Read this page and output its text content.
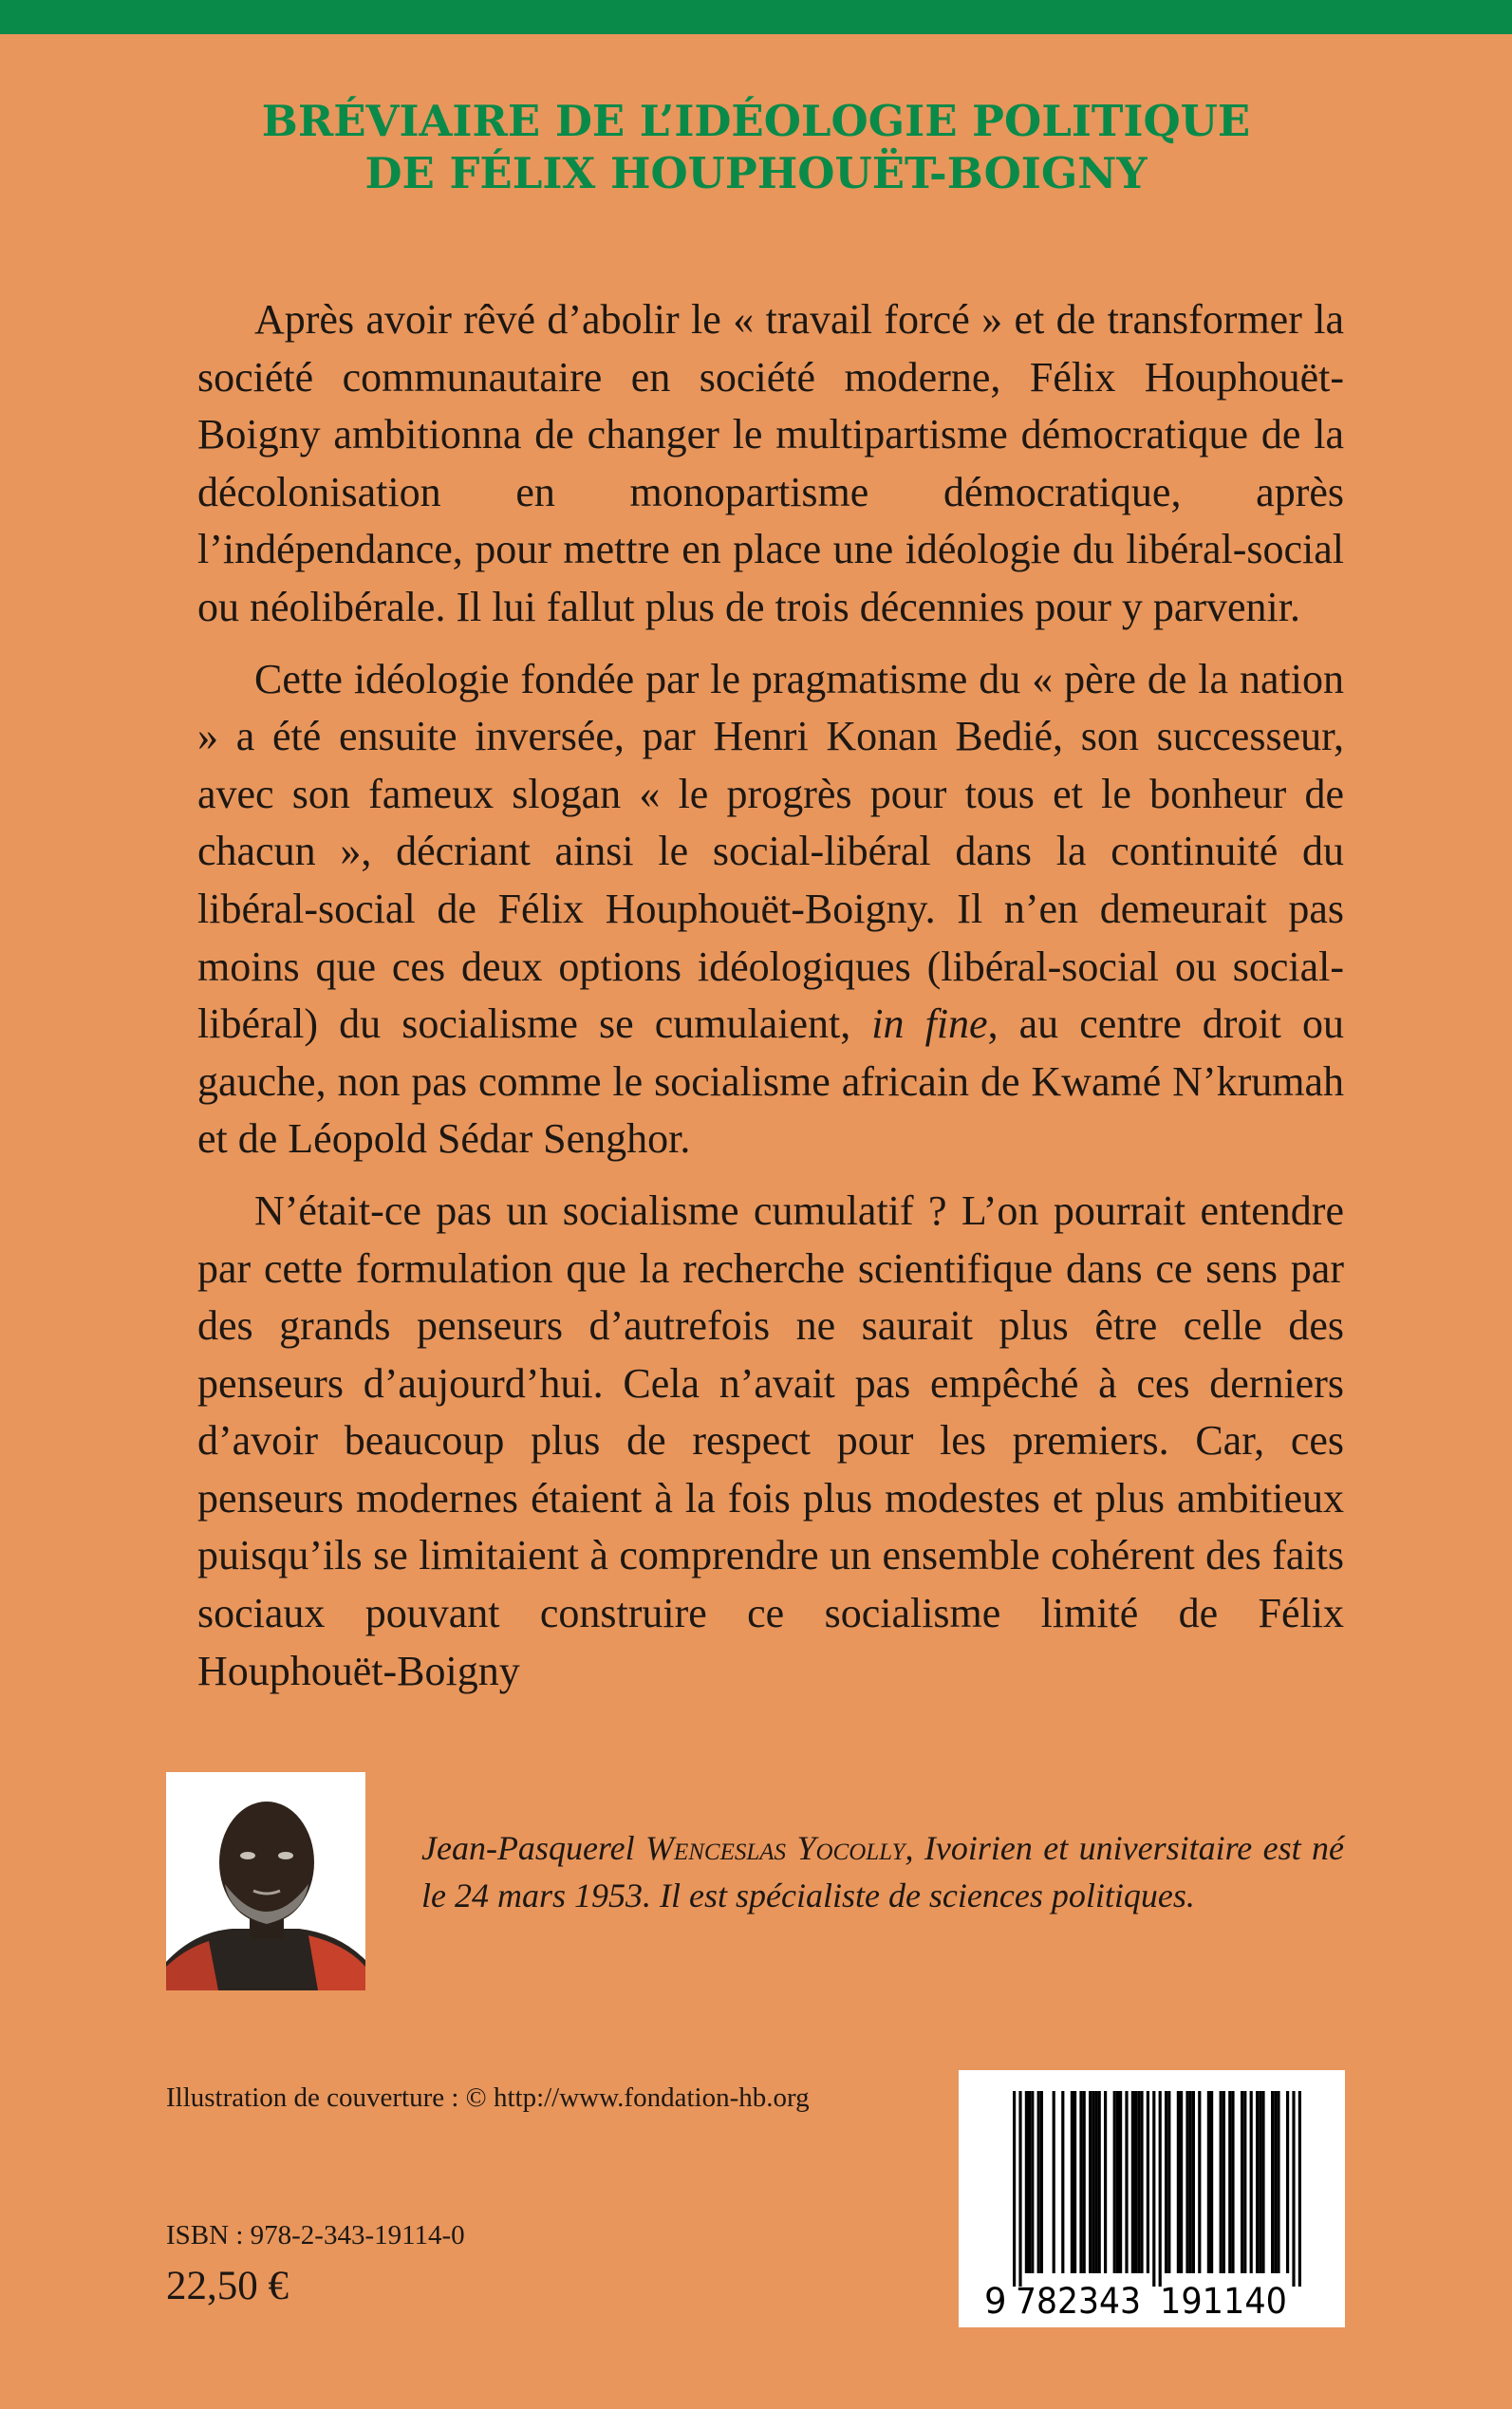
BRÉVIAIRE DE L’IDÉOLOGIE POLITIQUE
DE FÉLIX HOUPHOUËT-BOIGNY

Après avoir rêvé d’abolir le « travail forcé » et de transformer la société communautaire en société moderne, Félix Houphouët-Boigny ambitionna de changer le multipartisme démocratique de la décolonisation en monopartisme démocratique, après l’indépendance, pour mettre en place une idéologie du libéral-social ou néolibérale. Il lui fallut plus de trois décennies pour y parvenir.

Cette idéologie fondée par le pragmatisme du « père de la nation » a été ensuite inversée, par Henri Konan Bedié, son successeur, avec son fameux slogan « le progrès pour tous et le bonheur de chacun », décriant ainsi le social-libéral dans la continuité du libéral-social de Félix Houphouët-Boigny. Il n’en demeurait pas moins que ces deux options idéologiques (libéral-social ou social-libéral) du socialisme se cumulaient, in fine, au centre droit ou gauche, non pas comme le socialisme africain de Kwamé N’krumah et de Léopold Sédar Senghor.

N’était-ce pas un socialisme cumulatif ? L’on pourrait entendre par cette formulation que la recherche scientifique dans ce sens par des grands penseurs d’autrefois ne saurait plus être celle des penseurs d’aujourd’hui. Cela n’avait pas empêché à ces derniers d’avoir beaucoup plus de respect pour les premiers. Car, ces penseurs modernes étaient à la fois plus modestes et plus ambitieux puisqu’ils se limitaient à comprendre un ensemble cohérent des faits sociaux pouvant construire ce socialisme limité de Félix Houphouët-Boigny

Jean-Pasquerel Wenceslas Yocolly, Ivoirien et universitaire est né le 24 mars 1953. Il est spécialiste de sciences politiques.
Illustration de couverture : © http://www.fondation-hb.org
ISBN : 978-2-343-19114-0
22,50 €	9 782343 191140
